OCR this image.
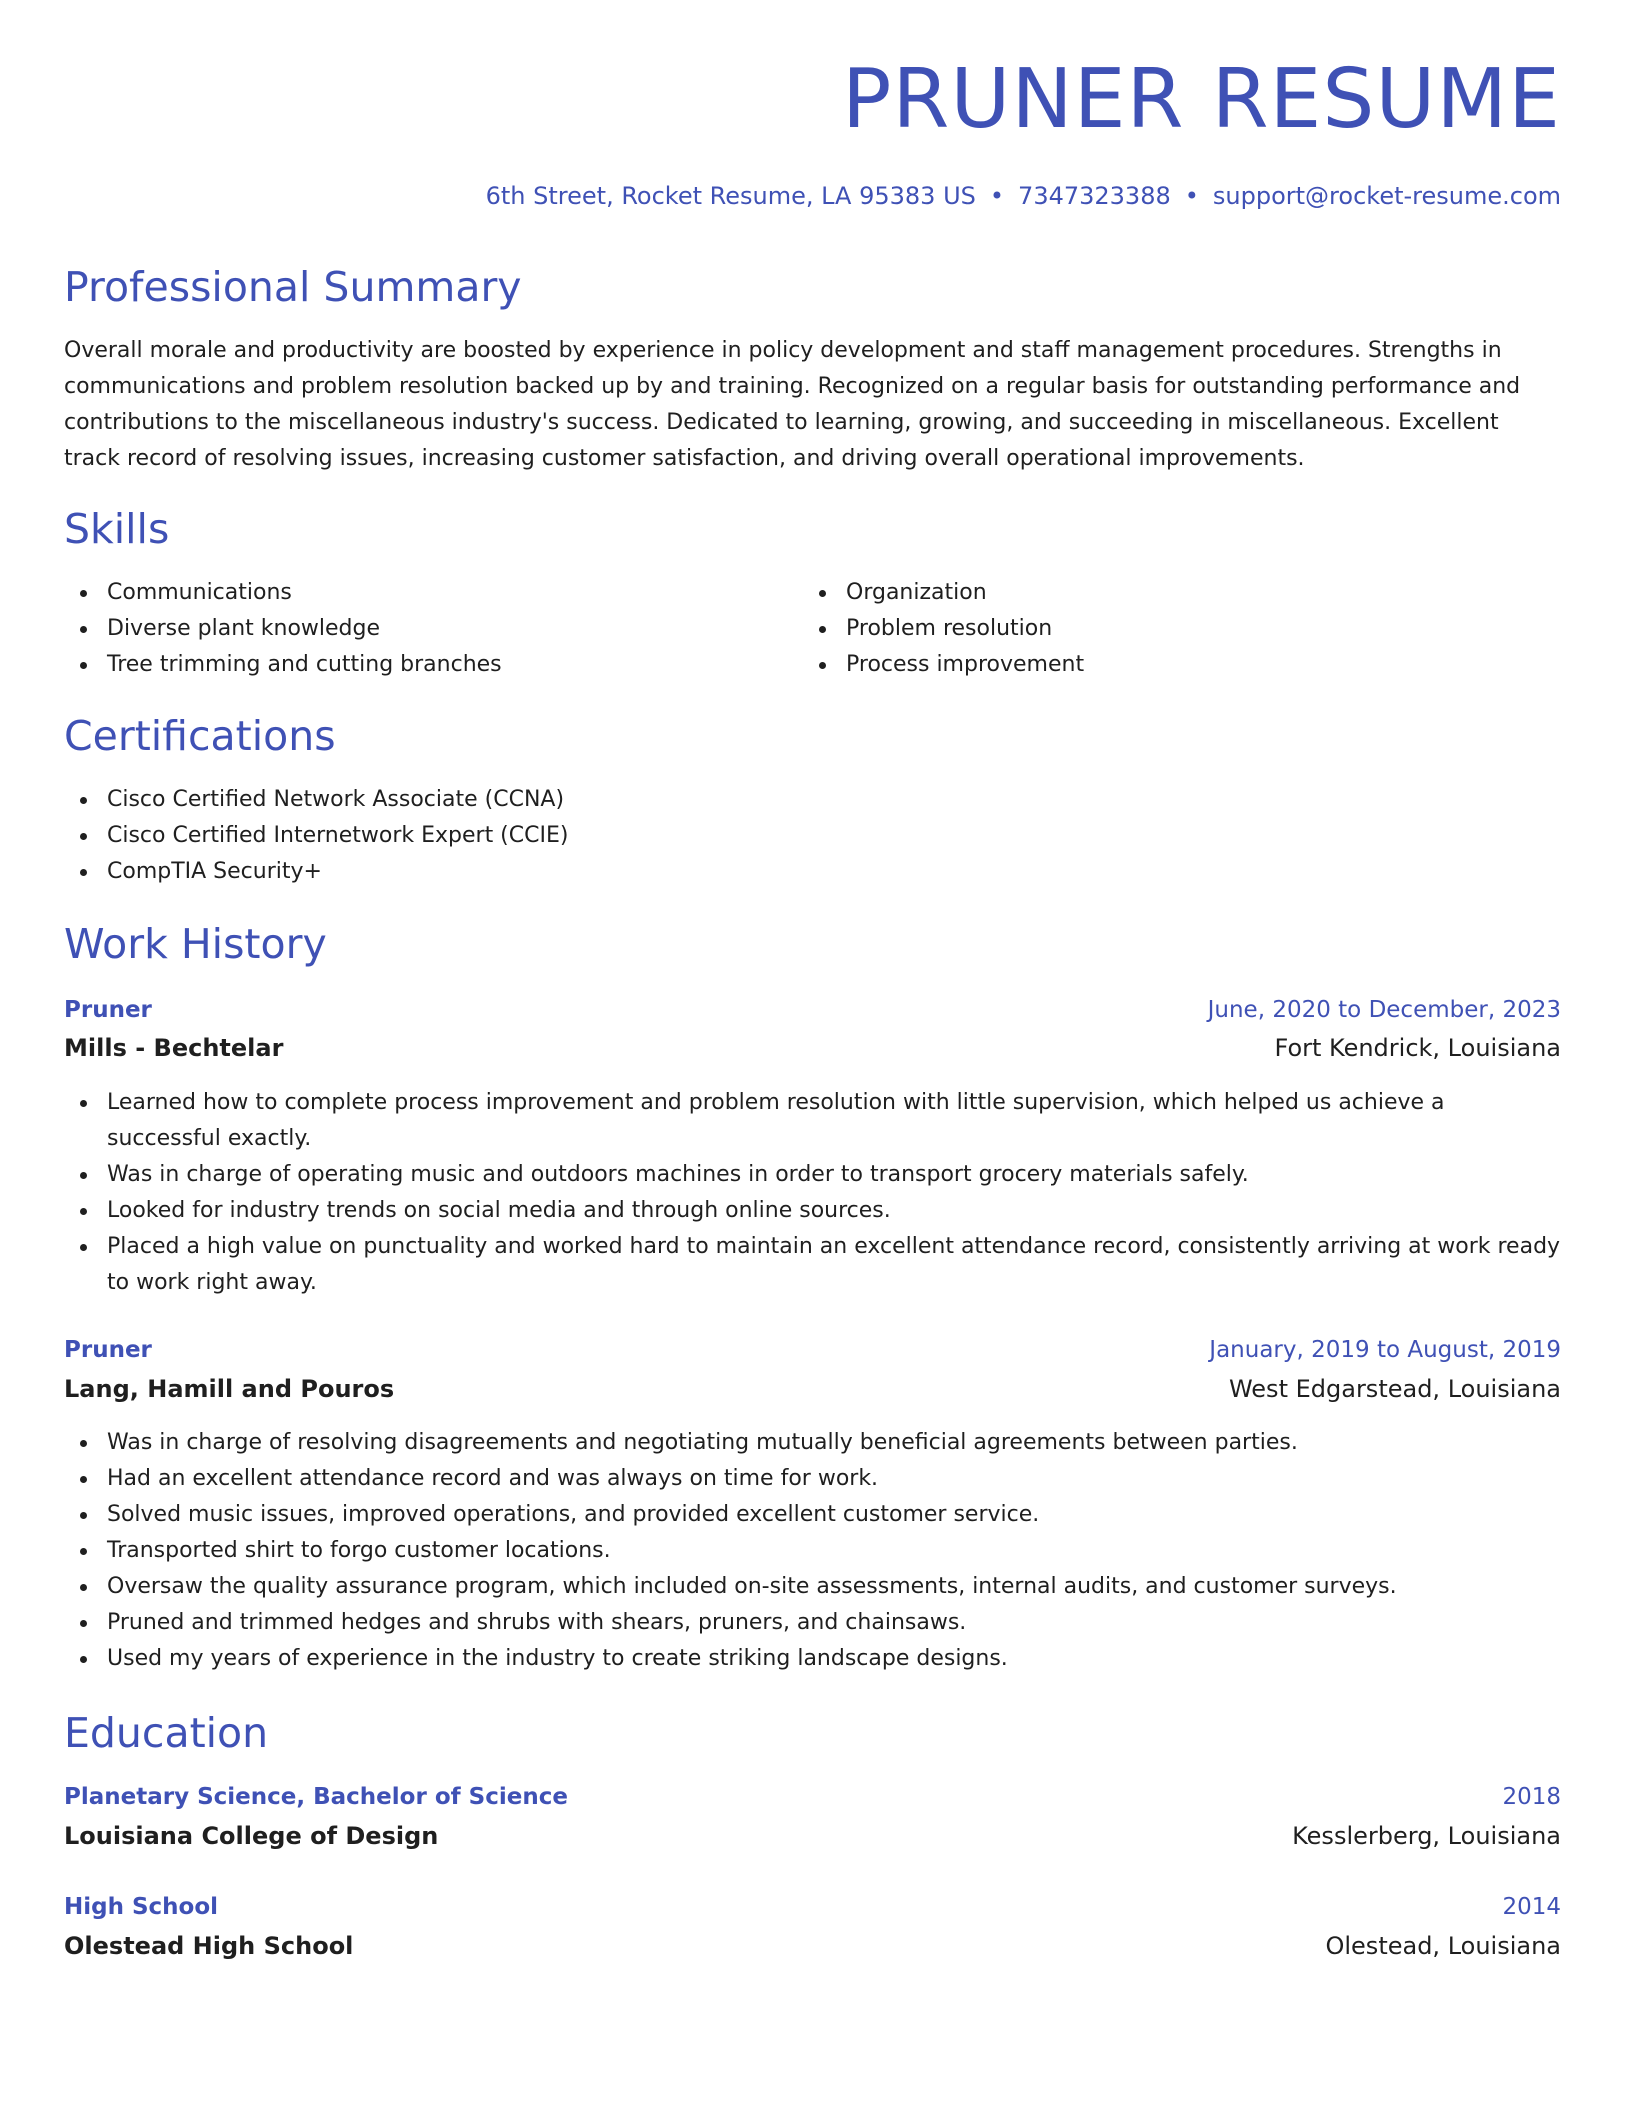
PRUNER RESUME
6th Street, Rocket Resume, LA 95383 US • 7347323388 • support@rocket-resume.com
Professional Summary
Overall morale and productivity are boosted by experience in policy development and staff management procedures. Strengths in communications and problem resolution backed up by and training. Recognized on a regular basis for outstanding performance and contributions to the miscellaneous industry's success. Dedicated to learning, growing, and succeeding in miscellaneous. Excellent track record of resolving issues, increasing customer satisfaction, and driving overall operational improvements.
Skills
Communications
Diverse plant knowledge
Tree trimming and cutting branches
Organization
Problem resolution
Process improvement
Certifications
Cisco Certified Network Associate (CCNA)
Cisco Certified Internetwork Expert (CCIE)
CompTIA Security+
Work History
Pruner	June, 2020 to December, 2023
Mills - Bechtelar	Fort Kendrick, Louisiana
Learned how to complete process improvement and problem resolution with little supervision, which helped us achieve a successful exactly.
Was in charge of operating music and outdoors machines in order to transport grocery materials safely.
Looked for industry trends on social media and through online sources.
Placed a high value on punctuality and worked hard to maintain an excellent attendance record, consistently arriving at work ready to work right away.
Pruner	January, 2019 to August, 2019
Lang, Hamill and Pouros	West Edgarstead, Louisiana
Was in charge of resolving disagreements and negotiating mutually beneficial agreements between parties.
Had an excellent attendance record and was always on time for work.
Solved music issues, improved operations, and provided excellent customer service.
Transported shirt to forgo customer locations.
Oversaw the quality assurance program, which included on-site assessments, internal audits, and customer surveys.
Pruned and trimmed hedges and shrubs with shears, pruners, and chainsaws.
Used my years of experience in the industry to create striking landscape designs.
Education
Planetary Science, Bachelor of Science	2018
Louisiana College of Design	Kesslerberg, Louisiana
High School	2014
Olestead High School	Olestead, Louisiana
